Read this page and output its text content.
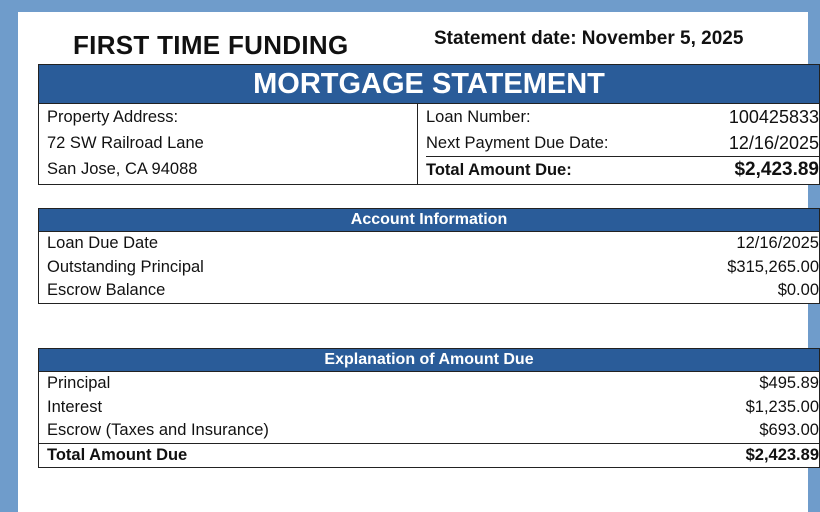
FIRST TIME FUNDING	Statement date: November 5, 2025
MORTGAGE STATEMENT
Property Address:
72 SW Railroad Lane
San Jose, CA 94088
Loan Number:	100425833
Next Payment Due Date:	12/16/2025
Total Amount Due:	$2,423.89
Account Information
Loan Due Date	12/16/2025
Outstanding Principal	$315,265.00
Escrow Balance	$0.00
Explanation of Amount Due
Principal	$495.89
Interest	$1,235.00
Escrow (Taxes and Insurance)	$693.00
Total Amount Due	$2,423.89
